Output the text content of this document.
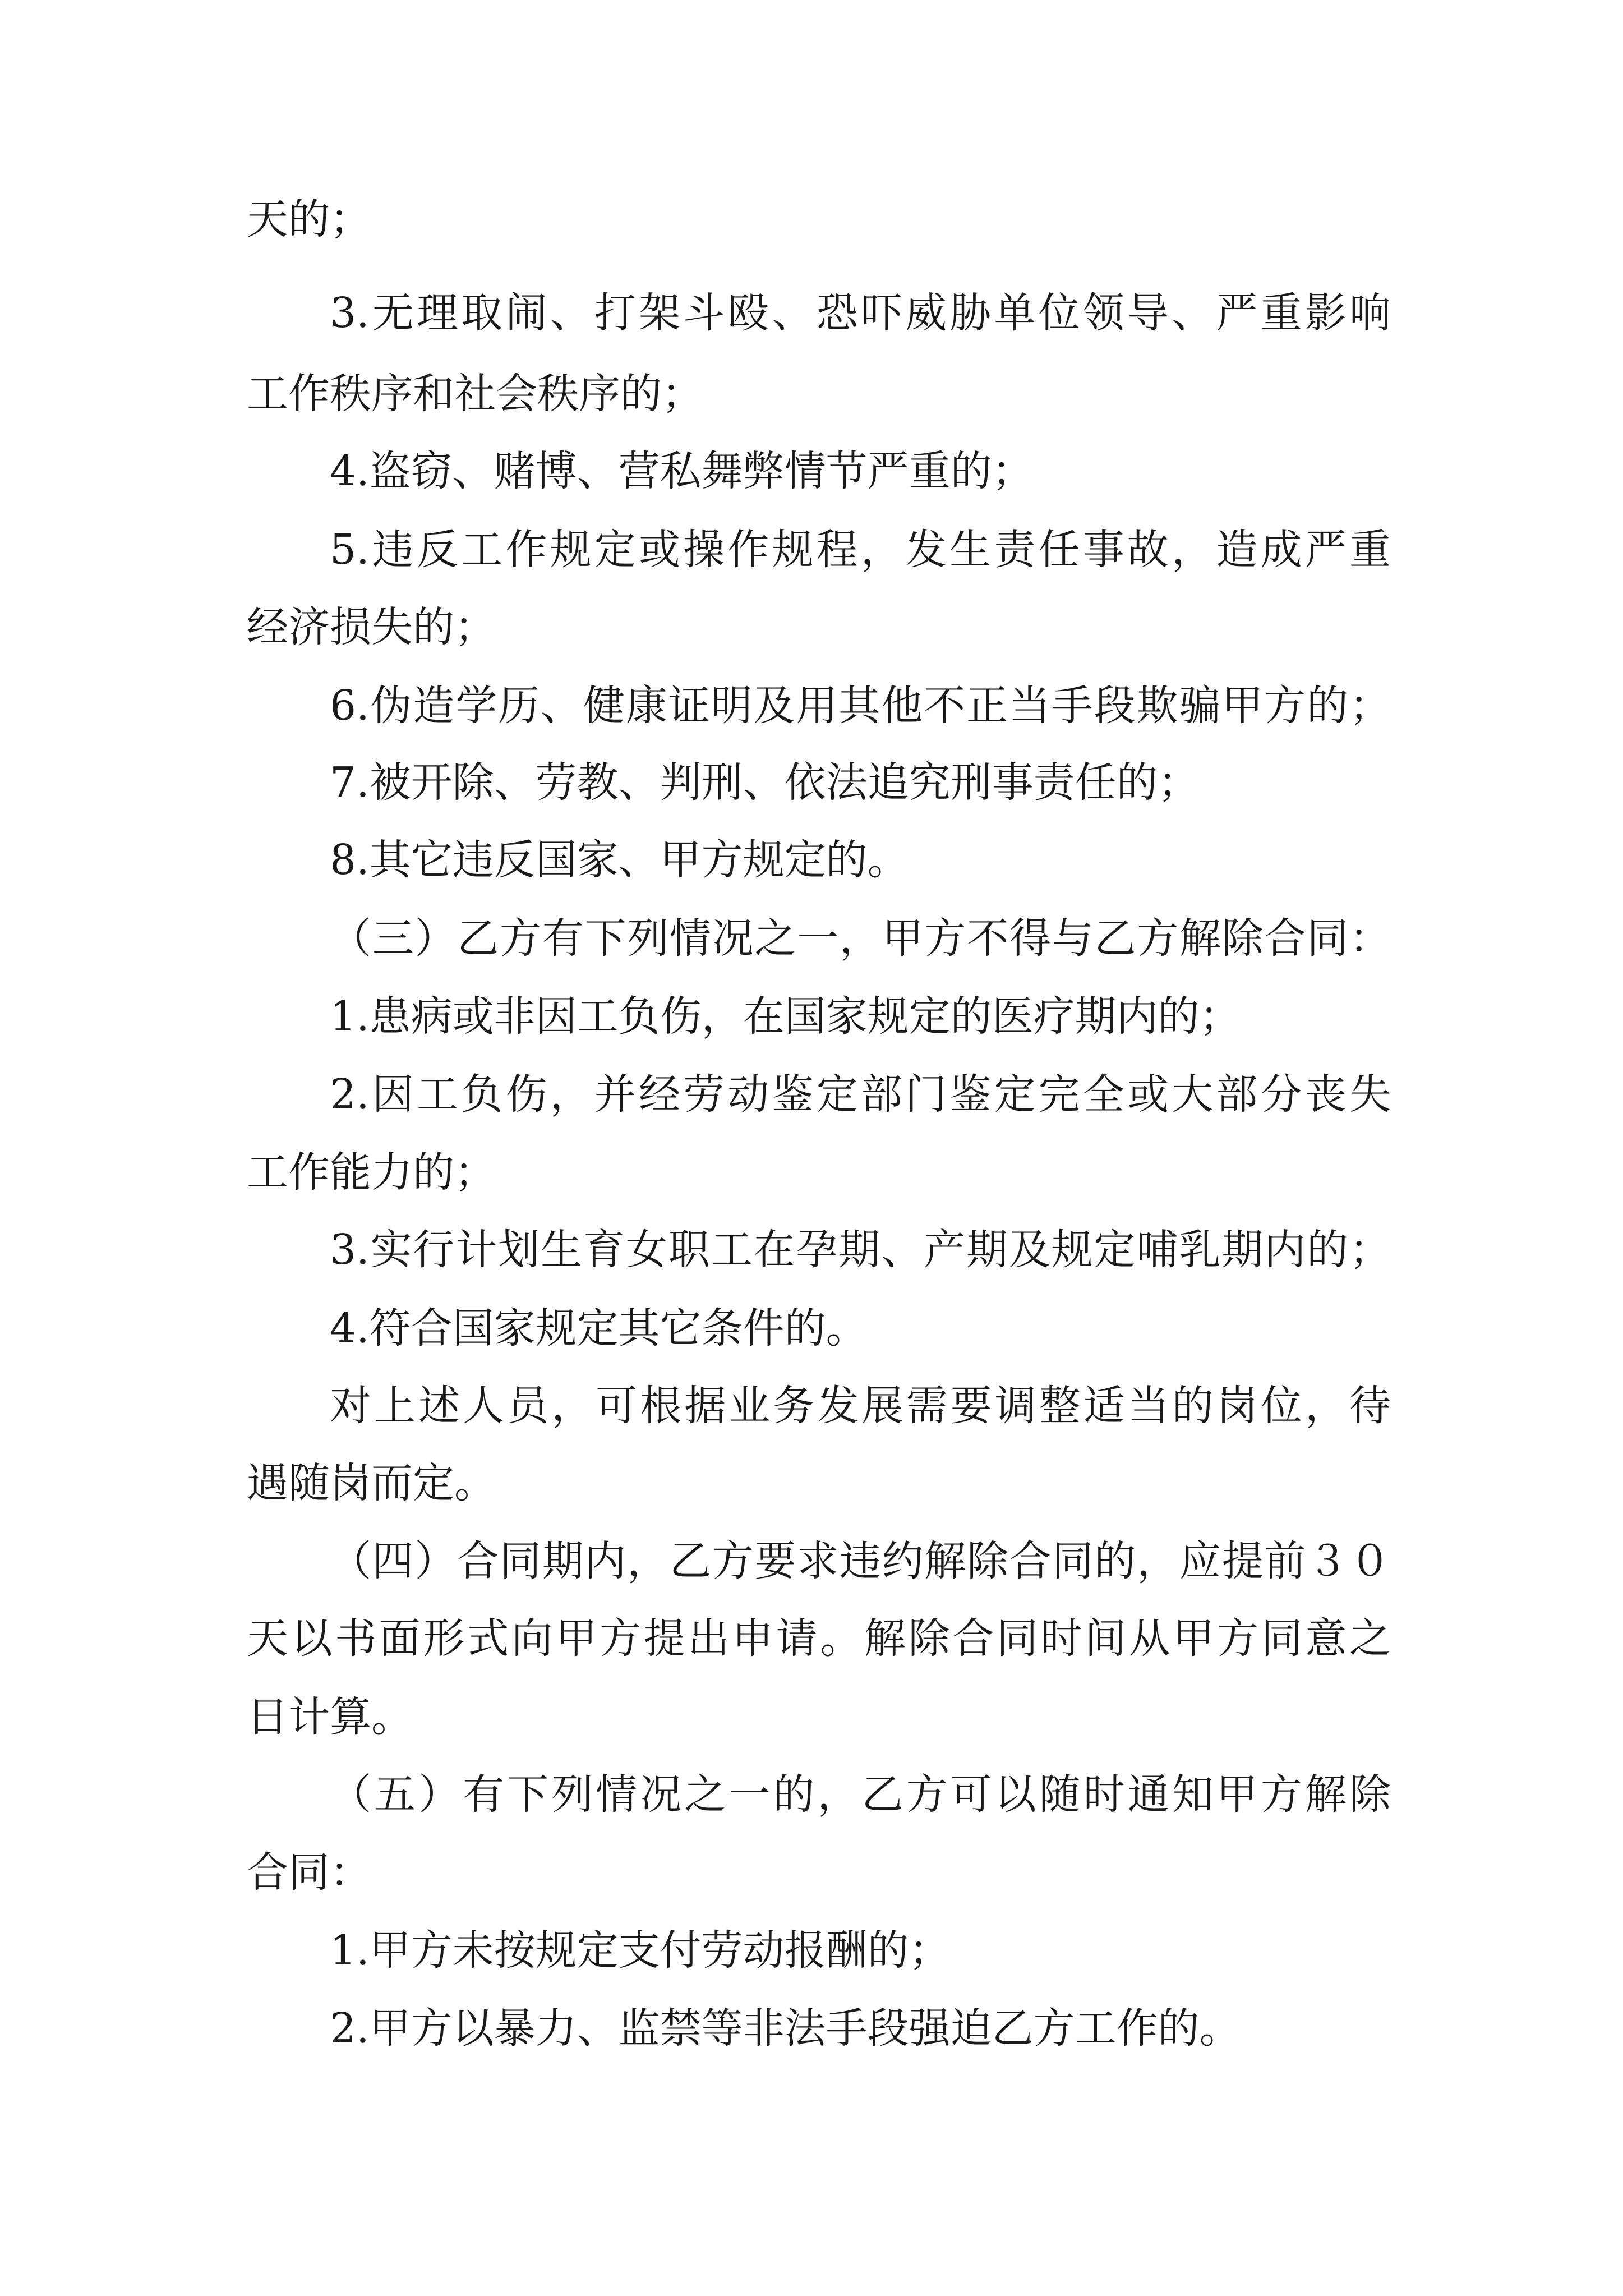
天的；
3.无理取闹、打架斗殴、恐吓威胁单位领导、严重影响
工作秩序和社会秩序的；
4.盗窃、赌博、营私舞弊情节严重的；
5.违反工作规定或操作规程，发生责任事故，造成严重
经济损失的；
6.伪造学历、健康证明及用其他不正当手段欺骗甲方的；
7.被开除、劳教、判刑、依法追究刑事责任的；
8.其它违反国家、甲方规定的。
（三）乙方有下列情况之一，甲方不得与乙方解除合同：
1.患病或非因工负伤，在国家规定的医疗期内的；
2.因工负伤，并经劳动鉴定部门鉴定完全或大部分丧失
工作能力的；
3.实行计划生育女职工在孕期、产期及规定哺乳期内的；
4.符合国家规定其它条件的。
对上述人员，可根据业务发展需要调整适当的岗位，待
遇随岗而定。
（四）合同期内，乙方要求违约解除合同的，应提前３０
天以书面形式向甲方提出申请。解除合同时间从甲方同意之
日计算。
（五）有下列情况之一的，乙方可以随时通知甲方解除
合同：
1.甲方未按规定支付劳动报酬的；
2.甲方以暴力、监禁等非法手段强迫乙方工作的。
